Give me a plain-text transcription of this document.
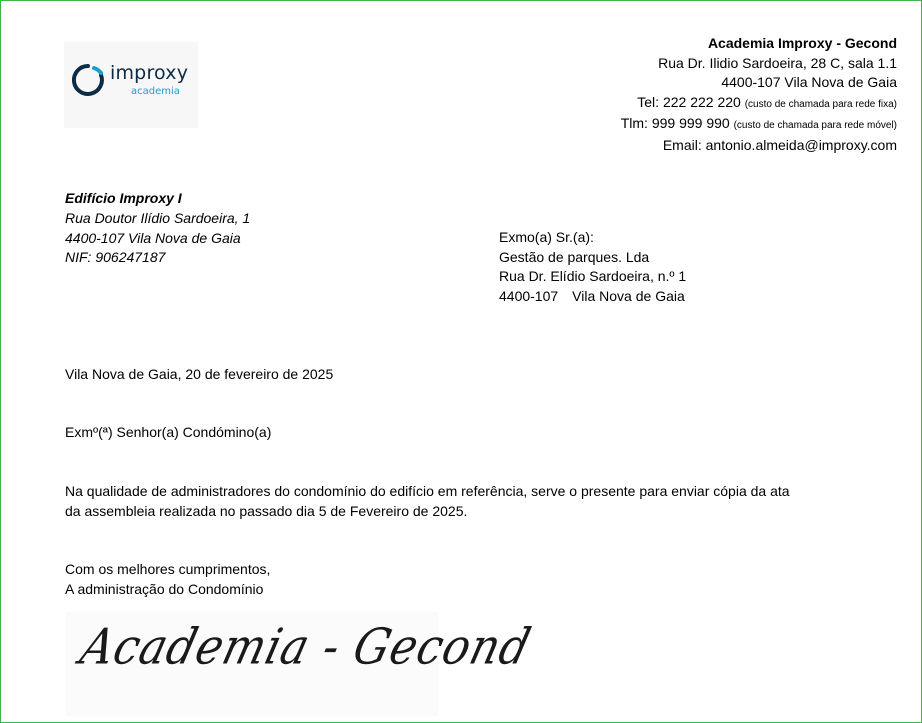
improxy
academia
Academia Improxy - Gecond
Rua Dr. Ilidio Sardoeira, 28 C, sala 1.1
4400-107 Vila Nova de Gaia
Tel: 222 222 220 (custo de chamada para rede fixa)
Tlm: 999 999 990 (custo de chamada para rede móvel)
Email: antonio.almeida@improxy.com
Edifício Improxy I
Rua Doutor Ilídio Sardoeira, 1
4400-107 Vila Nova de Gaia
NIF: 906247187
Exmo(a) Sr.(a):
Gestão de parques. Lda
Rua Dr. Elídio Sardoeira, n.º 1
4400-107 Vila Nova de Gaia
Vila Nova de Gaia, 20 de fevereiro de 2025
Exmº(ª) Senhor(a) Condómino(a)
Na qualidade de administradores do condomínio do edifício em referência, serve o presente para enviar cópia da ata
da assembleia realizada no passado dia 5 de Fevereiro de 2025.
Com os melhores cumprimentos,
A administração do Condomínio
Academia - Gecond
